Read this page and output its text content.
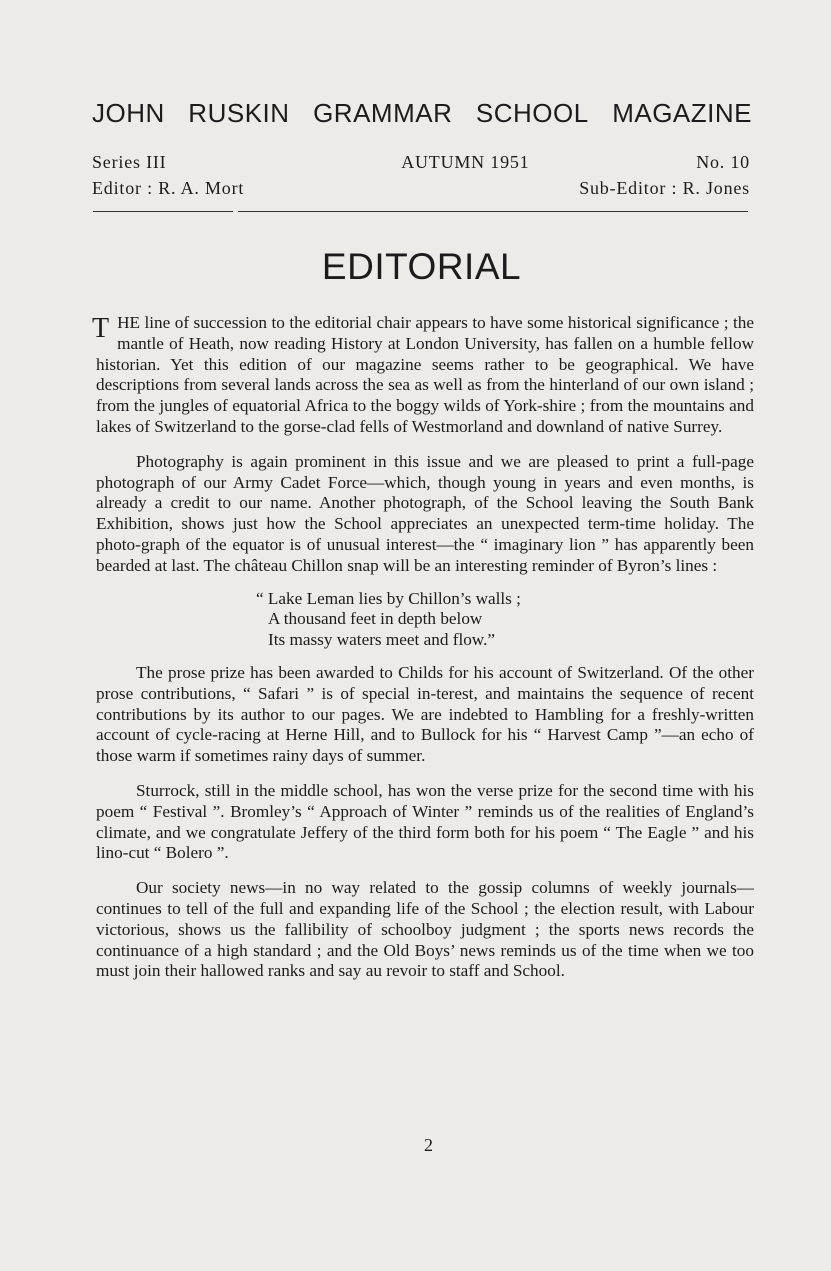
JOHN RUSKIN GRAMMAR SCHOOL MAGAZINE
Series III	AUTUMN 1951	No. 10
Editor : R. A. Mort	Sub-Editor : R. Jones
EDITORIAL

THE line of succession to the editorial chair appears to have some historical significance ; the mantle of Heath, now reading History at London University, has fallen on a humble fellow historian. Yet this edition of our magazine seems rather to be geographical. We have descriptions from several lands across the sea as well as from the hinterland of our own island ; from the jungles of equatorial Africa to the boggy wilds of York-shire ; from the mountains and lakes of Switzerland to the gorse-clad fells of Westmorland and downland of native Surrey.

Photography is again prominent in this issue and we are pleased to print a full-page photograph of our Army Cadet Force—which, though young in years and even months, is already a credit to our name. Another photograph, of the School leaving the South Bank Exhibition, shows just how the School appreciates an unexpected term-time holiday. The photo-graph of the equator is of unusual interest—the “ imaginary lion ” has apparently been bearded at last. The château Chillon snap will be an interesting reminder of Byron’s lines :

“ Lake Leman lies by Chillon’s walls ;
A thousand feet in depth below
Its massy waters meet and flow.”

The prose prize has been awarded to Childs for his account of Switzerland. Of the other prose contributions, “ Safari ” is of special in-terest, and maintains the sequence of recent contributions by its author to our pages. We are indebted to Hambling for a freshly-written account of cycle-racing at Herne Hill, and to Bullock for his “ Harvest Camp ”—an echo of those warm if sometimes rainy days of summer.

Sturrock, still in the middle school, has won the verse prize for the second time with his poem “ Festival ”. Bromley’s “ Approach of Winter ” reminds us of the realities of England’s climate, and we congratulate Jeffery of the third form both for his poem “ The Eagle ” and his lino-cut “ Bolero ”.

Our society news—in no way related to the gossip columns of weekly journals—continues to tell of the full and expanding life of the School ; the election result, with Labour victorious, shows us the fallibility of schoolboy judgment ; the sports news records the continuance of a high standard ; and the Old Boys’ news reminds us of the time when we too must join their hallowed ranks and say au revoir to staff and School.

2
